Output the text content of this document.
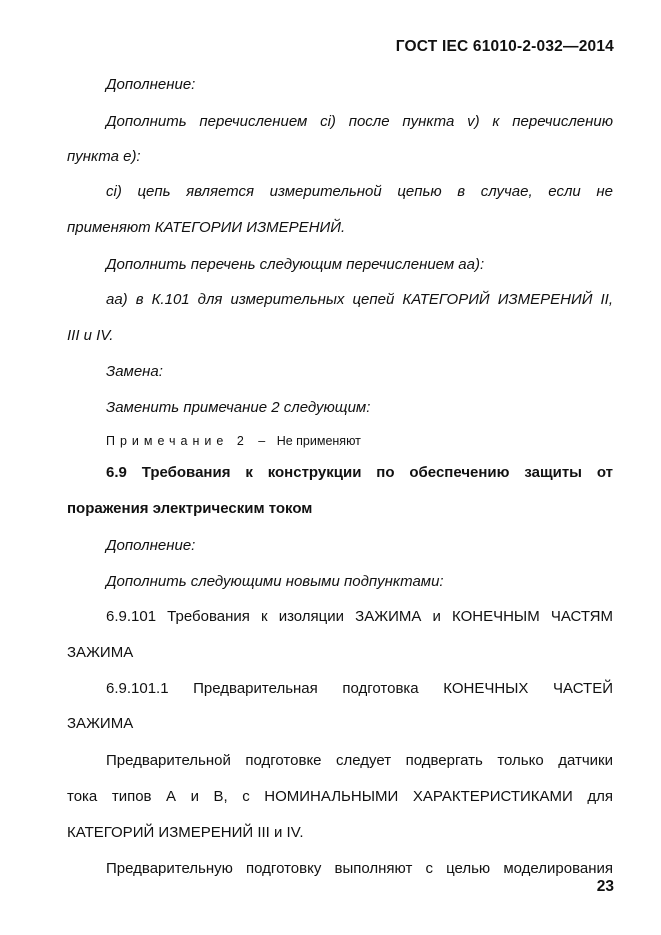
ГОСТ IEC 61010-2-032—2014
Дополнение:
Дополнить перечислением ci) после пункта v) к перечислению
пункта e):
ci) цепь является измерительной цепью в случае, если не
применяют КАТЕГОРИИ ИЗМЕРЕНИЙ.
Дополнить перечень следующим перечислением aa):
aa) в К.101 для измерительных цепей КАТЕГОРИЙ ИЗМЕРЕНИЙ II,
III и IV.
Замена:
Заменить примечание 2 следующим:
Примечание 2 – Не применяют
6.9 Требования к конструкции по обеспечению защиты от
поражения электрическим током
Дополнение:
Дополнить следующими новыми подпунктами:
6.9.101 Требования к изоляции ЗАЖИМА и КОНЕЧНЫМ ЧАСТЯМ
ЗАЖИМА
6.9.101.1 Предварительная подготовка КОНЕЧНЫХ ЧАСТЕЙ
ЗАЖИМА
Предварительной подготовке следует подвергать только датчики
тока типов А и В, с НОМИНАЛЬНЫМИ ХАРАКТЕРИСТИКАМИ для
КАТЕГОРИЙ ИЗМЕРЕНИЙ III и IV.
Предварительную подготовку выполняют с целью моделирования
23
